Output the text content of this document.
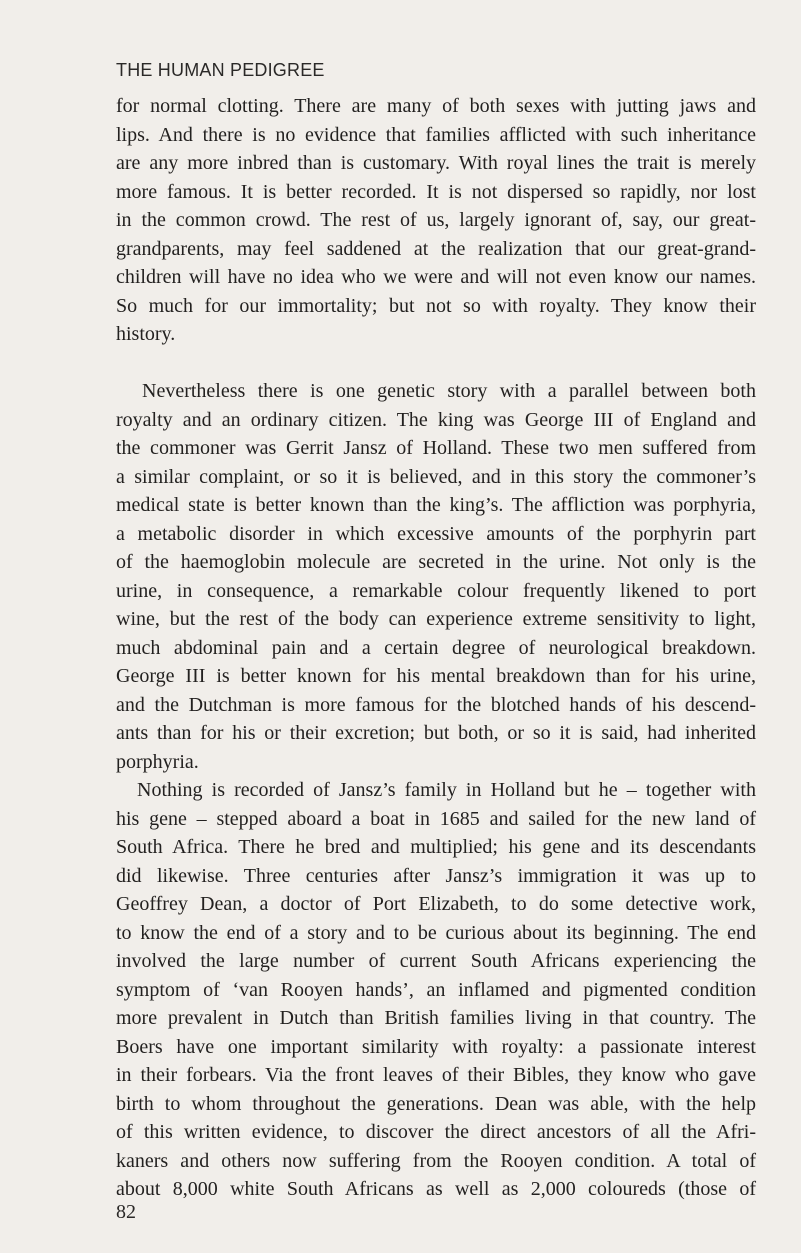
THE HUMAN PEDIGREE
for normal clotting. There are many of both sexes with jutting jaws and
lips. And there is no evidence that families afflicted with such inheritance
are any more inbred than is customary. With royal lines the trait is merely
more famous. It is better recorded. It is not dispersed so rapidly, nor lost
in the common crowd. The rest of us, largely ignorant of, say, our great-
grandparents, may feel saddened at the realization that our great-grand-
children will have no idea who we were and will not even know our names.
So much for our immortality; but not so with royalty. They know their
history.
Nevertheless there is one genetic story with a parallel between both
royalty and an ordinary citizen. The king was George III of England and
the commoner was Gerrit Jansz of Holland. These two men suffered from
a similar complaint, or so it is believed, and in this story the commoner’s
medical state is better known than the king’s. The affliction was porphyria,
a metabolic disorder in which excessive amounts of the porphyrin part
of the haemoglobin molecule are secreted in the urine. Not only is the
urine, in consequence, a remarkable colour frequently likened to port
wine, but the rest of the body can experience extreme sensitivity to light,
much abdominal pain and a certain degree of neurological breakdown.
George III is better known for his mental breakdown than for his urine,
and the Dutchman is more famous for the blotched hands of his descend-
ants than for his or their excretion; but both, or so it is said, had inherited
porphyria.
Nothing is recorded of Jansz’s family in Holland but he – together with
his gene – stepped aboard a boat in 1685 and sailed for the new land of
South Africa. There he bred and multiplied; his gene and its descendants
did likewise. Three centuries after Jansz’s immigration it was up to
Geoffrey Dean, a doctor of Port Elizabeth, to do some detective work,
to know the end of a story and to be curious about its beginning. The end
involved the large number of current South Africans experiencing the
symptom of ‘van Rooyen hands’, an inflamed and pigmented condition
more prevalent in Dutch than British families living in that country. The
Boers have one important similarity with royalty: a passionate interest
in their forbears. Via the front leaves of their Bibles, they know who gave
birth to whom throughout the generations. Dean was able, with the help
of this written evidence, to discover the direct ancestors of all the Afri-
kaners and others now suffering from the Rooyen condition. A total of
about 8,000 white South Africans as well as 2,000 coloureds (those of
82
